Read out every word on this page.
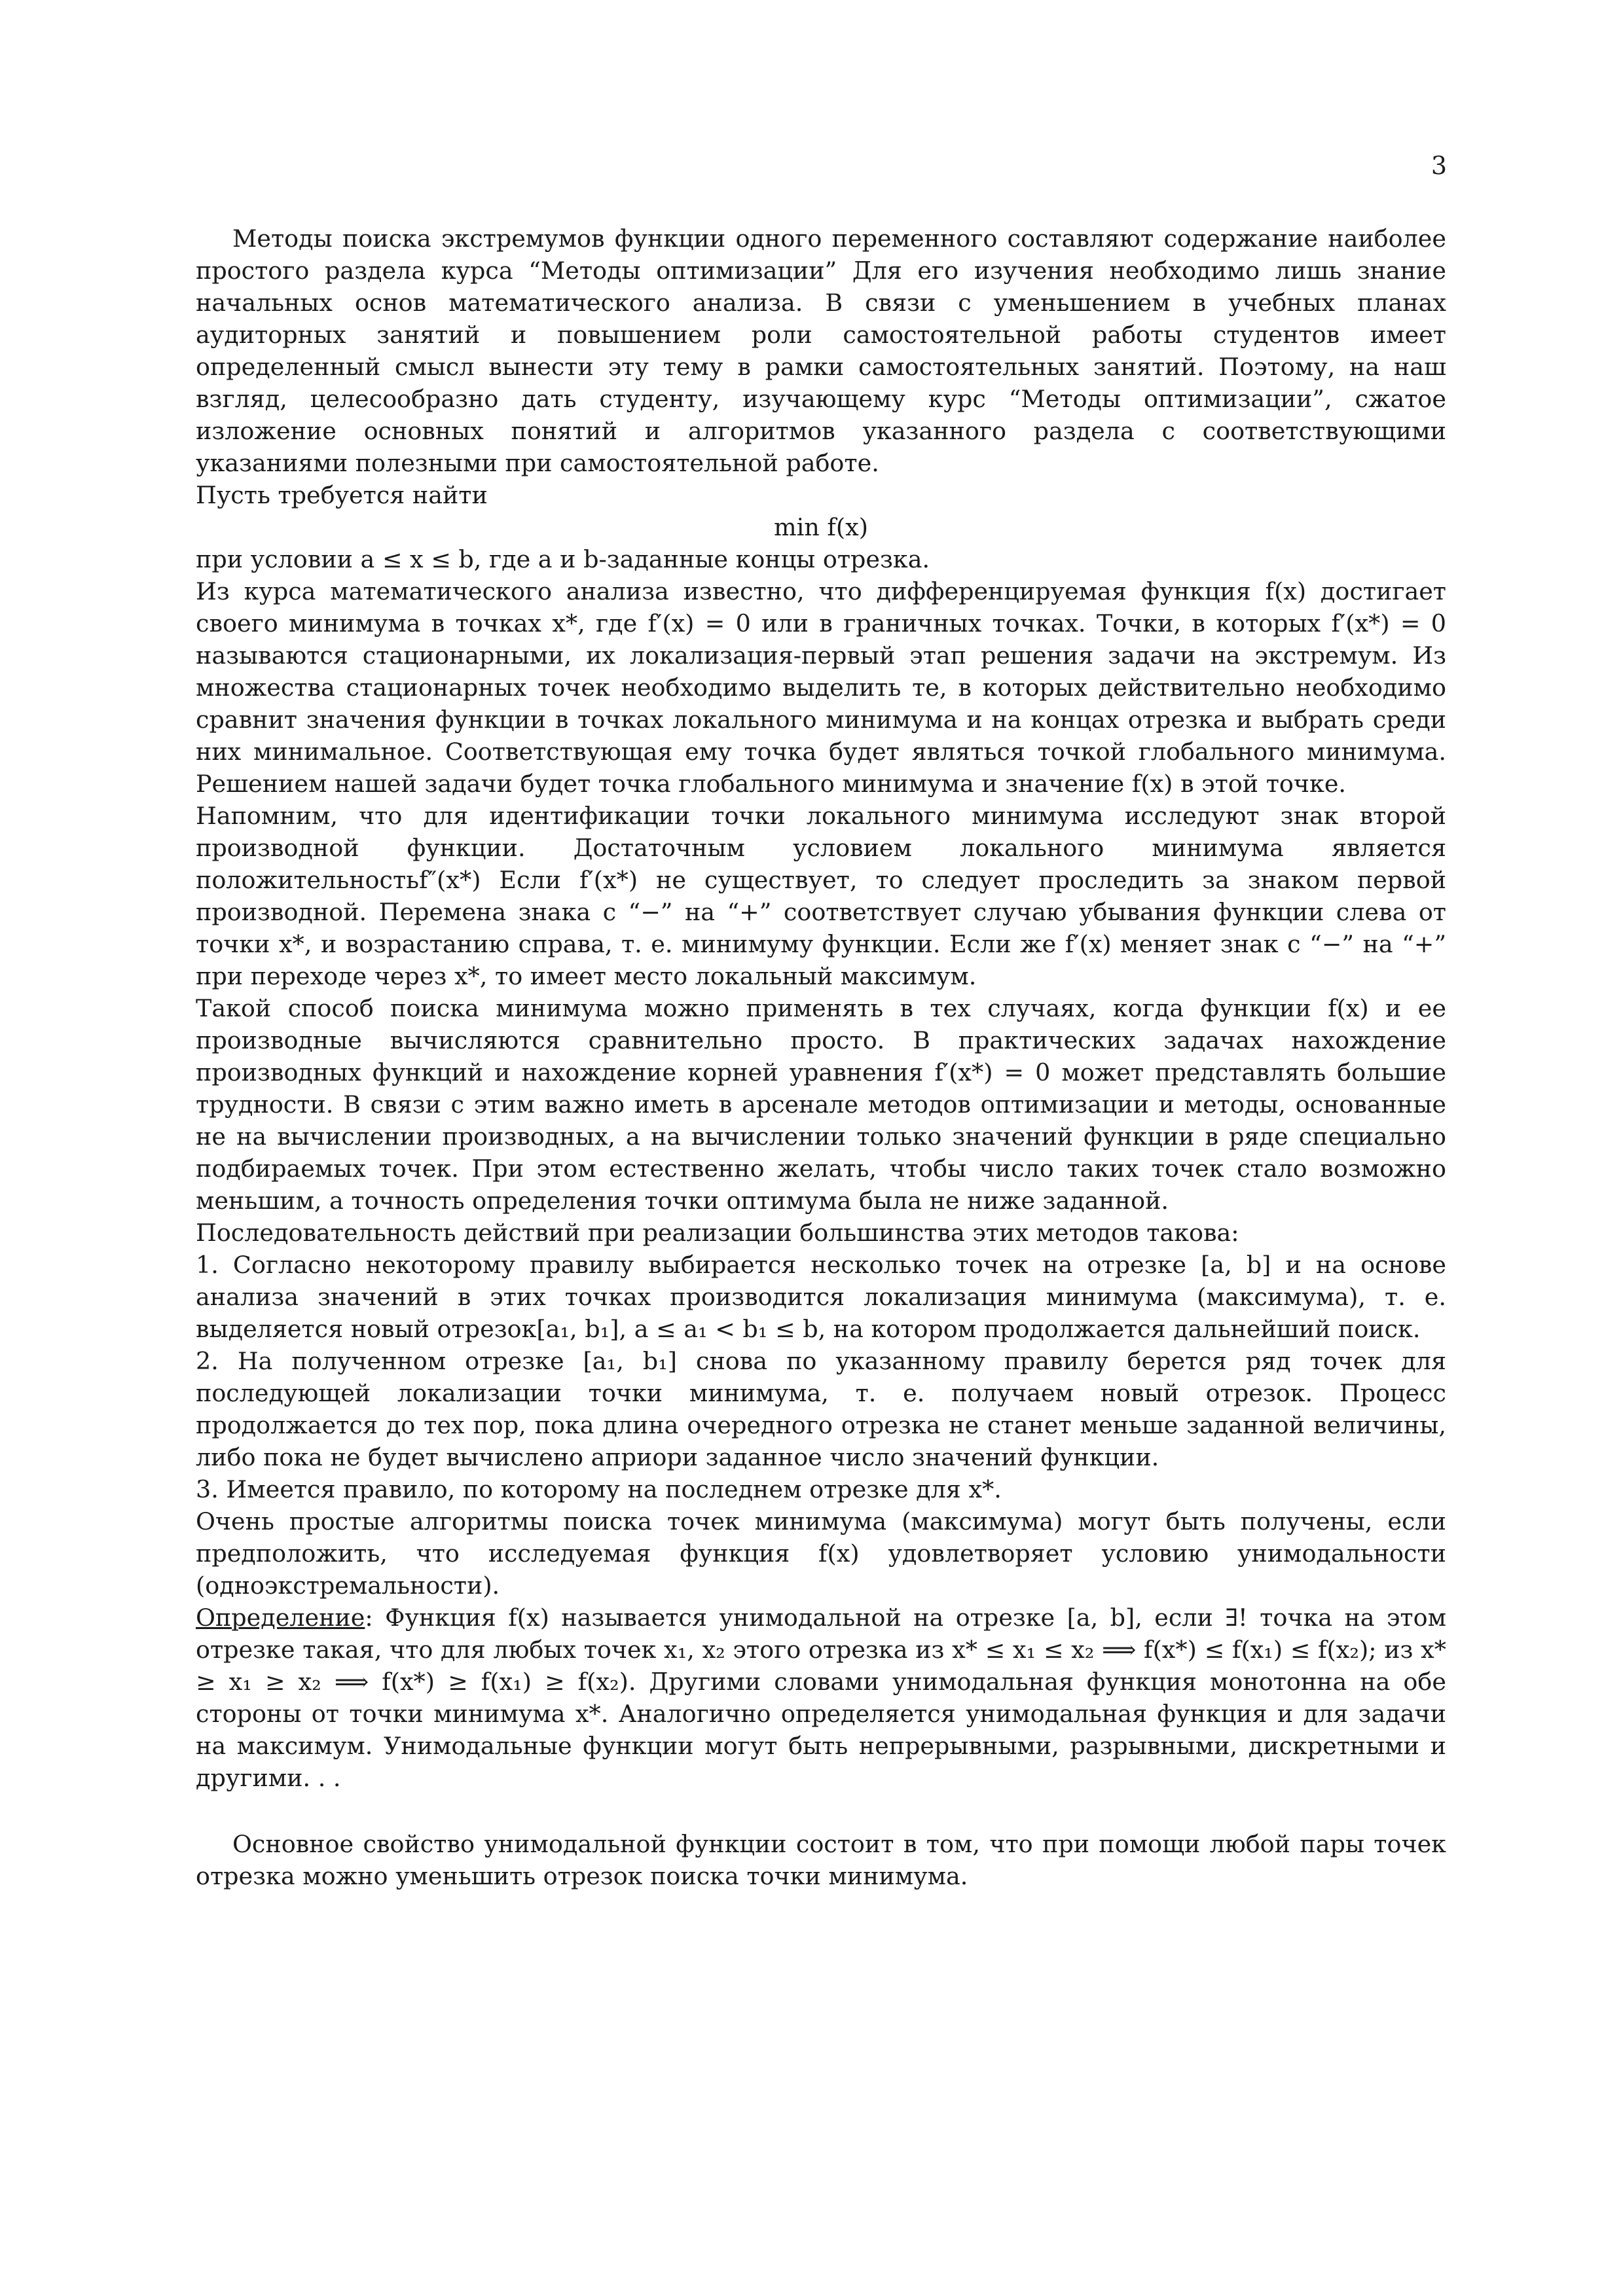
3

Методы поиска экстремумов функции одного переменного составляют содержание наиболее простого раздела курса “Методы оптимизации” Для его изучения необходимо лишь знание начальных основ математического анализа. В связи с уменьшением в учебных планах аудиторных занятий и повышением роли самостоятельной работы студентов имеет определенный смысл вынести эту тему в рамки самостоятельных занятий. Поэтому, на наш взгляд, целесообразно дать студенту, изучающему курс “Методы оптимизации”, сжатое изложение основных понятий и алгоритмов указанного раздела с соответствующими указаниями полезными при самостоятельной работе.

Пусть требуется найти

min f(x)

при условии a ≤ x ≤ b, где a и b-заданные концы отрезка.

Из курса математического анализа известно, что дифференцируемая функция f(x) достигает своего минимума в точках x*, где f′(x) = 0 или в граничных точках. Точки, в которых f′(x*) = 0 называются стационарными, их локализация-первый этап решения задачи на экстремум. Из множества стационарных точек необходимо выделить те, в которых действительно необходимо сравнит значения функции в точках локального минимума и на концах отрезка и выбрать среди них минимальное. Соответствующая ему точка будет являться точкой глобального минимума. Решением нашей задачи будет точка глобального минимума и значение f(x) в этой точке.

Напомним, что для идентификации точки локального минимума исследуют знак второй производной функции. Достаточным условием локального минимума является положительностьf″(x*) Если f′(x*) не существует, то следует проследить за знаком первой производной. Перемена знака с “−” на “+” соответствует случаю убывания функции слева от точки x*, и возрастанию справа, т. е. минимуму функции. Если же f′(x) меняет знак с “−” на “+” при переходе через x*, то имеет место локальный максимум.

Такой способ поиска минимума можно применять в тех случаях, когда функции f(x) и ее производные вычисляются сравнительно просто. В практических задачах нахождение производных функций и нахождение корней уравнения f′(x*) = 0 может представлять большие трудности. В связи с этим важно иметь в арсенале методов оптимизации и методы, основанные не на вычислении производных, а на вычислении только значений функции в ряде специально подбираемых точек. При этом естественно желать, чтобы число таких точек стало возможно меньшим, а точность определения точки оптимума была не ниже заданной.

Последовательность действий при реализации большинства этих методов такова:

1. Согласно некоторому правилу выбирается несколько точек на отрезке [a, b] и на основе анализа значений в этих точках производится локализация минимума (максимума), т. е. выделяется новый отрезок[a₁, b₁], a ≤ a₁ < b₁ ≤ b, на котором продолжается дальнейший поиск.

2. На полученном отрезке [a₁, b₁] снова по указанному правилу берется ряд точек для последующей локализации точки минимума, т. е. получаем новый отрезок. Процесс продолжается до тех пор, пока длина очередного отрезка не станет меньше заданной величины, либо пока не будет вычислено априори заданное число значений функции.

3. Имеется правило, по которому на последнем отрезке для x*.

Очень простые алгоритмы поиска точек минимума (максимума) могут быть получены, если предположить, что исследуемая функция f(x) удовлетворяет условию унимодальности (одноэкстремальности).

Определение: Функция f(x) называется унимодальной на отрезке [a, b], если ∃! точка на этом отрезке такая, что для любых точек x₁, x₂ этого отрезка из x* ≤ x₁ ≤ x₂ ⟹ f(x*) ≤ f(x₁) ≤ f(x₂); из x* ≥ x₁ ≥ x₂ ⟹ f(x*) ≥ f(x₁) ≥ f(x₂). Другими словами унимодальная функция монотонна на обе стороны от точки минимума x*. Аналогично определяется унимодальная функция и для задачи на максимум. Унимодальные функции могут быть непрерывными, разрывными, дискретными и другими. . .

Основное свойство унимодальной функции состоит в том, что при помощи любой пары точек отрезка можно уменьшить отрезок поиска точки минимума.
